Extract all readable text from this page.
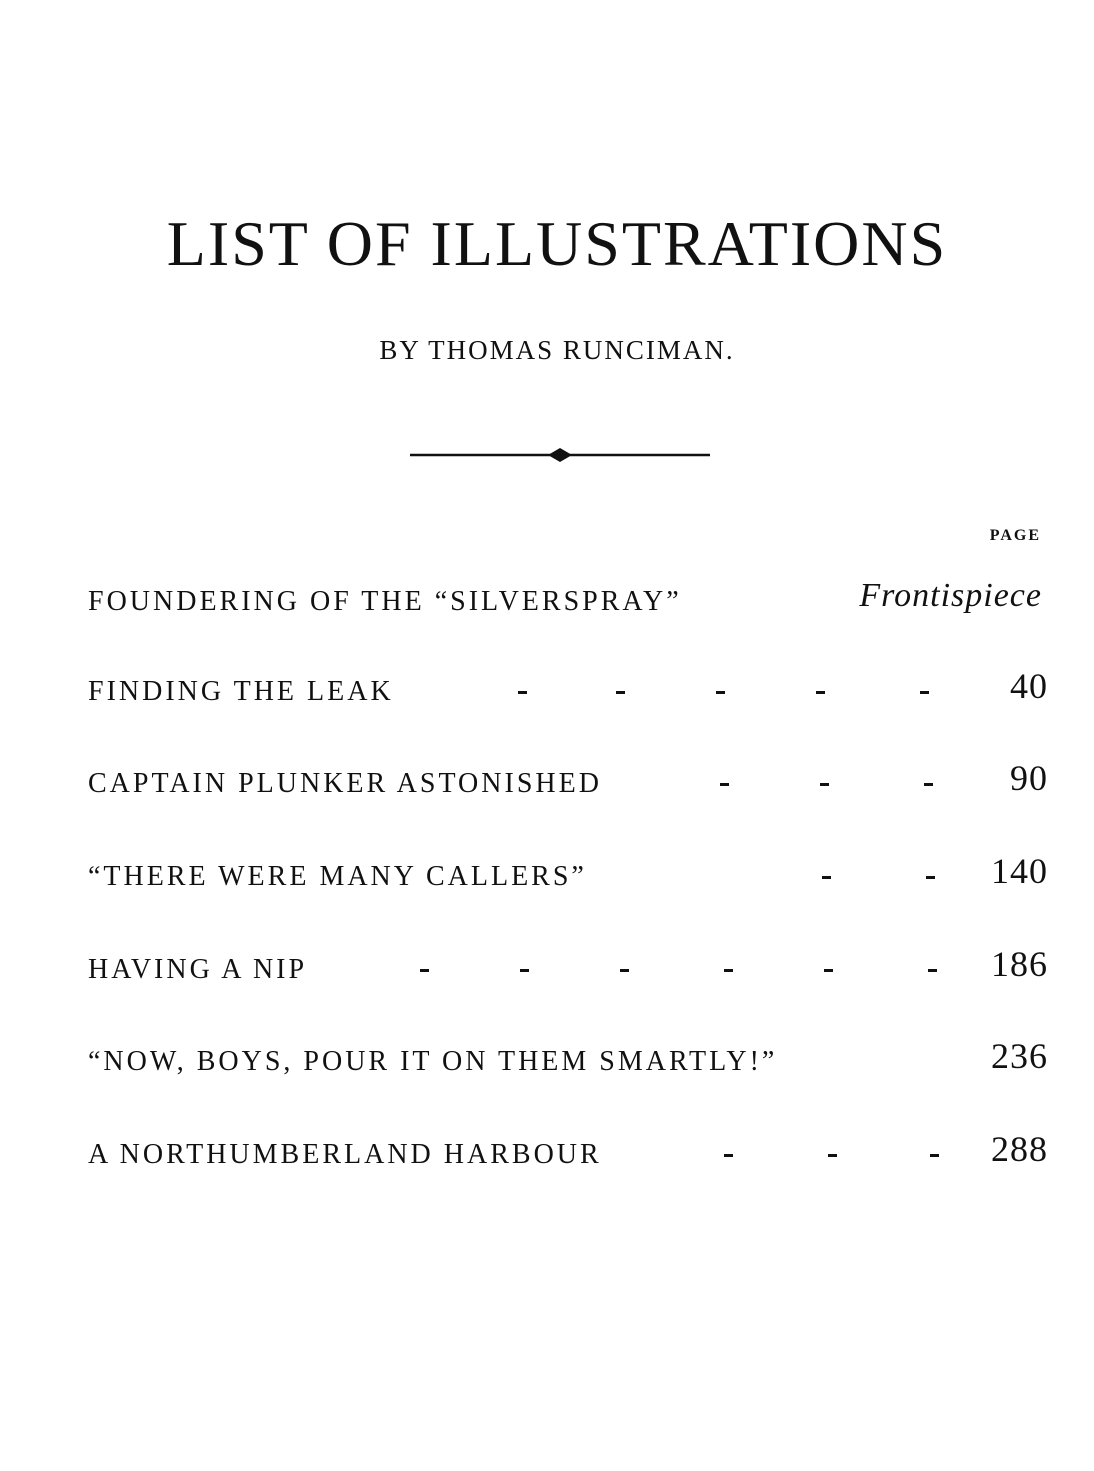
LIST OF ILLUSTRATIONS
BY THOMAS RUNCIMAN.
PAGE
FOUNDERING OF THE “SILVERSPRAY”	Frontispiece
FINDING THE LEAK	40
CAPTAIN PLUNKER ASTONISHED	90
“THERE WERE MANY CALLERS”	140
HAVING A NIP	186
“NOW, BOYS, POUR IT ON THEM SMARTLY!”	236
A NORTHUMBERLAND HARBOUR	288
